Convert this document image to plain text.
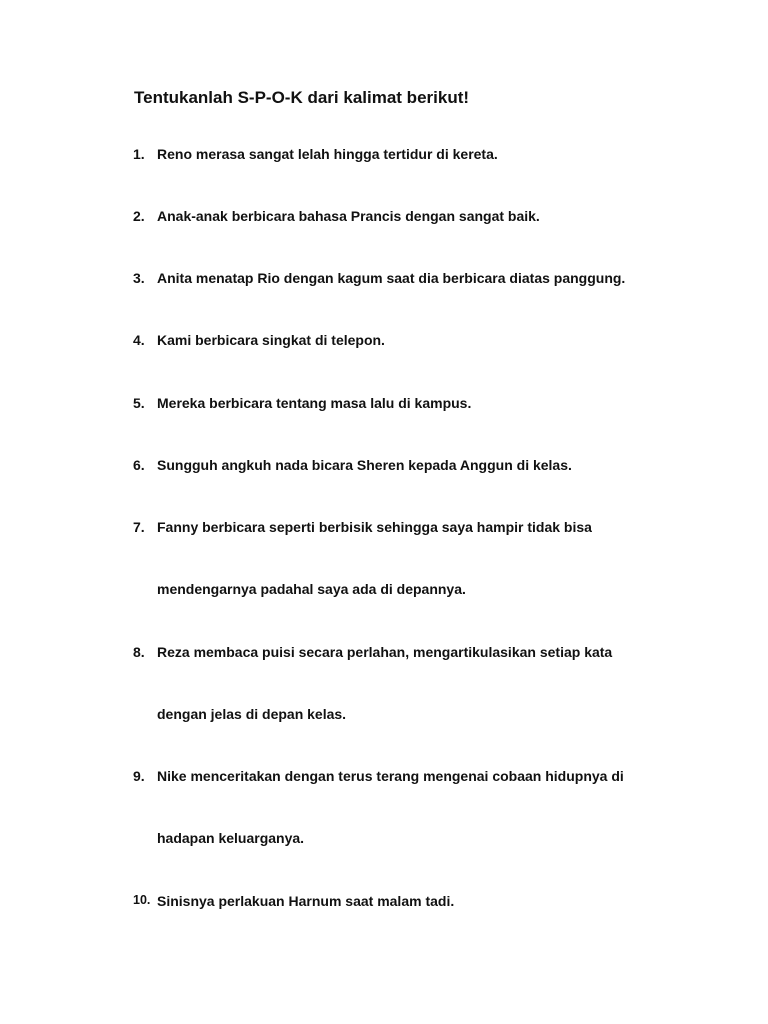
Tentukanlah S-P-O-K dari kalimat berikut!
1. Reno merasa sangat lelah hingga tertidur di kereta.
2. Anak-anak berbicara bahasa Prancis dengan sangat baik.
3. Anita menatap Rio dengan kagum saat dia berbicara diatas panggung.
4. Kami berbicara singkat di telepon.
5. Mereka berbicara tentang masa lalu di kampus.
6. Sungguh angkuh nada bicara Sheren kepada Anggun di kelas.
7. Fanny berbicara seperti berbisik sehingga saya hampir tidak bisa
mendengarnya padahal saya ada di depannya.
8. Reza membaca puisi secara perlahan, mengartikulasikan setiap kata
dengan jelas di depan kelas.
9. Nike menceritakan dengan terus terang mengenai cobaan hidupnya di
hadapan keluarganya.
10. Sinisnya perlakuan Harnum saat malam tadi.
